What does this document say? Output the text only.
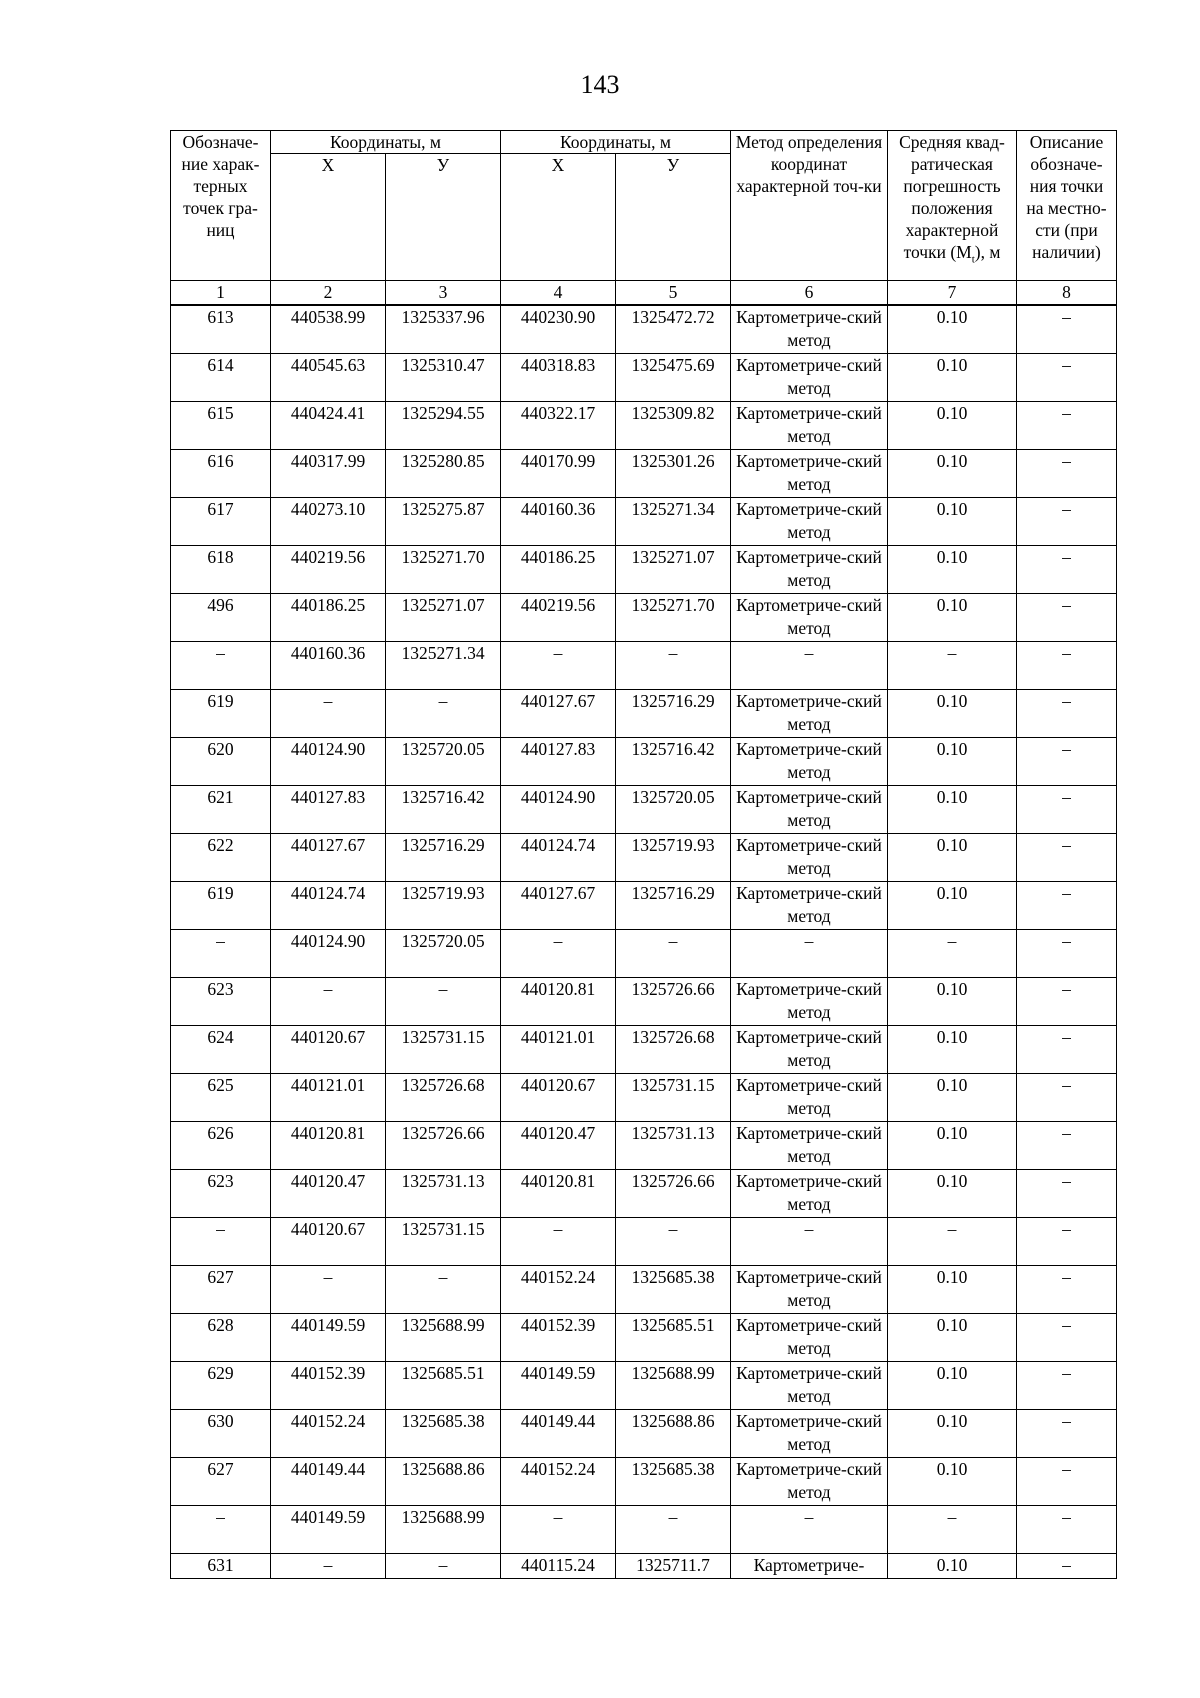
143
Обозначе-ние харак-терных точек гра-ниц	Координаты, м		Координаты, м		Метод определения координат характерной точ-ки	Средняя квад-ратическая погрешность положения характерной точки $(M_t)$, м	Описание обозначе-ния точки на местно-сти (при наличии)
	Х	У	Х	У			
1	2	3	4	5	6	7	8
613	440538.99	1325337.96	440230.90	1325472.72	Картометриче-ский метод	0.10	–
614	440545.63	1325310.47	440318.83	1325475.69	Картометриче-ский метод	0.10	–
615	440424.41	1325294.55	440322.17	1325309.82	Картометриче-ский метод	0.10	–
616	440317.99	1325280.85	440170.99	1325301.26	Картометриче-ский метод	0.10	–
617	440273.10	1325275.87	440160.36	1325271.34	Картометриче-ский метод	0.10	–
618	440219.56	1325271.70	440186.25	1325271.07	Картометриче-ский метод	0.10	–
496	440186.25	1325271.07	440219.56	1325271.70	Картометриче-ский метод	0.10	–
–	440160.36	1325271.34	–	–	–	–	–
619	–	–	440127.67	1325716.29	Картометриче-ский метод	0.10	–
620	440124.90	1325720.05	440127.83	1325716.42	Картометриче-ский метод	0.10	–
621	440127.83	1325716.42	440124.90	1325720.05	Картометриче-ский метод	0.10	–
622	440127.67	1325716.29	440124.74	1325719.93	Картометриче-ский метод	0.10	–
619	440124.74	1325719.93	440127.67	1325716.29	Картометриче-ский метод	0.10	–
–	440124.90	1325720.05	–	–	–	–	–
623	–	–	440120.81	1325726.66	Картометриче-ский метод	0.10	–
624	440120.67	1325731.15	440121.01	1325726.68	Картометриче-ский метод	0.10	–
625	440121.01	1325726.68	440120.67	1325731.15	Картометриче-ский метод	0.10	–
626	440120.81	1325726.66	440120.47	1325731.13	Картометриче-ский метод	0.10	–
623	440120.47	1325731.13	440120.81	1325726.66	Картометриче-ский метод	0.10	–
–	440120.67	1325731.15	–	–	–	–	–
627	–	–	440152.24	1325685.38	Картометриче-ский метод	0.10	–
628	440149.59	1325688.99	440152.39	1325685.51	Картометриче-ский метод	0.10	–
629	440152.39	1325685.51	440149.59	1325688.99	Картометриче-ский метод	0.10	–
630	440152.24	1325685.38	440149.44	1325688.86	Картометриче-ский метод	0.10	–
627	440149.44	1325688.86	440152.24	1325685.38	Картометриче-ский метод	0.10	–
–	440149.59	1325688.99	–	–	–	–	–
631	–	–	440115.24	1325711.7	Картометриче-	0.10	–
